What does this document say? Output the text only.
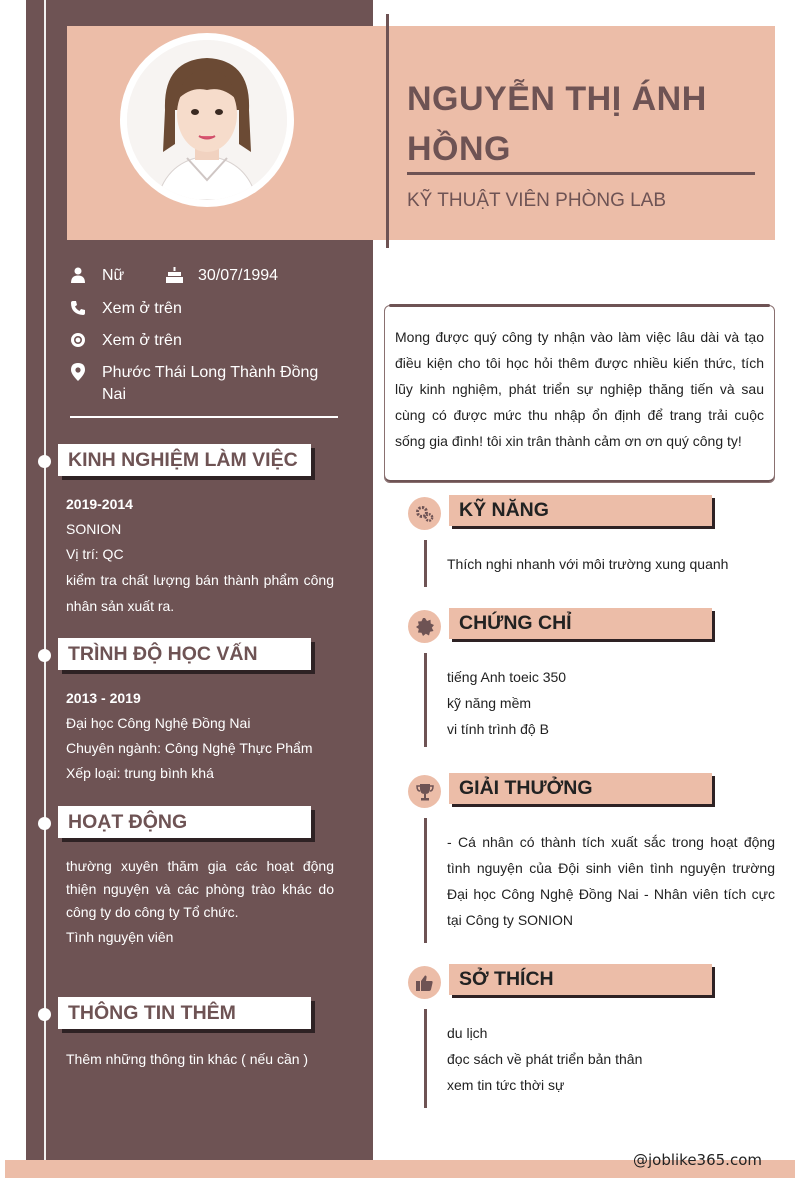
@joblike365.com
NGUYỄN THỊ ÁNH HỒNG
KỸ THUẬT VIÊN PHÒNG LAB
Nữ	30/07/1994
Xem ở trên
Xem ở trên
Phước Thái Long Thành Đồng Nai
KINH NGHIỆM LÀM VIỆC
2019-2014
SONION
Vị trí: QC
kiểm tra chất lượng bán thành phẩm công nhân sản xuất ra.
TRÌNH ĐỘ HỌC VẤN
2013 - 2019
Đại học Công Nghệ Đồng Nai
Chuyên ngành: Công Nghệ Thực Phẩm
Xếp loại: trung bình khá
HOẠT ĐỘNG
thường xuyên thăm gia các hoạt động thiện nguyện và các phòng trào khác do công ty do công ty Tổ chức.
Tình nguyện viên
THÔNG TIN THÊM
Thêm những thông tin khác ( nếu cần )
Mong được quý công ty nhận vào làm việc lâu dài và tạo điều kiện cho tôi học hỏi thêm được nhiều kiến thức, tích lũy kinh nghiệm, phát triển sự nghiệp thăng tiến và sau cùng có được mức thu nhập ổn định để trang trải cuộc sống gia đình! tôi xin trân thành cảm ơn ơn quý công ty!
KỸ NĂNG
Thích nghi nhanh với môi trường xung quanh
CHỨNG CHỈ
tiếng Anh toeic 350
kỹ năng mềm
vi tính trình độ B
GIẢI THƯỞNG
- Cá nhân có thành tích xuất sắc trong hoạt động tình nguyện của Đội sinh viên tình nguyện trường Đại học Công Nghệ Đồng Nai - Nhân viên tích cực tại Công ty SONION
SỞ THÍCH
du lịch
đọc sách về phát triển bản thân
xem tin tức thời sự
